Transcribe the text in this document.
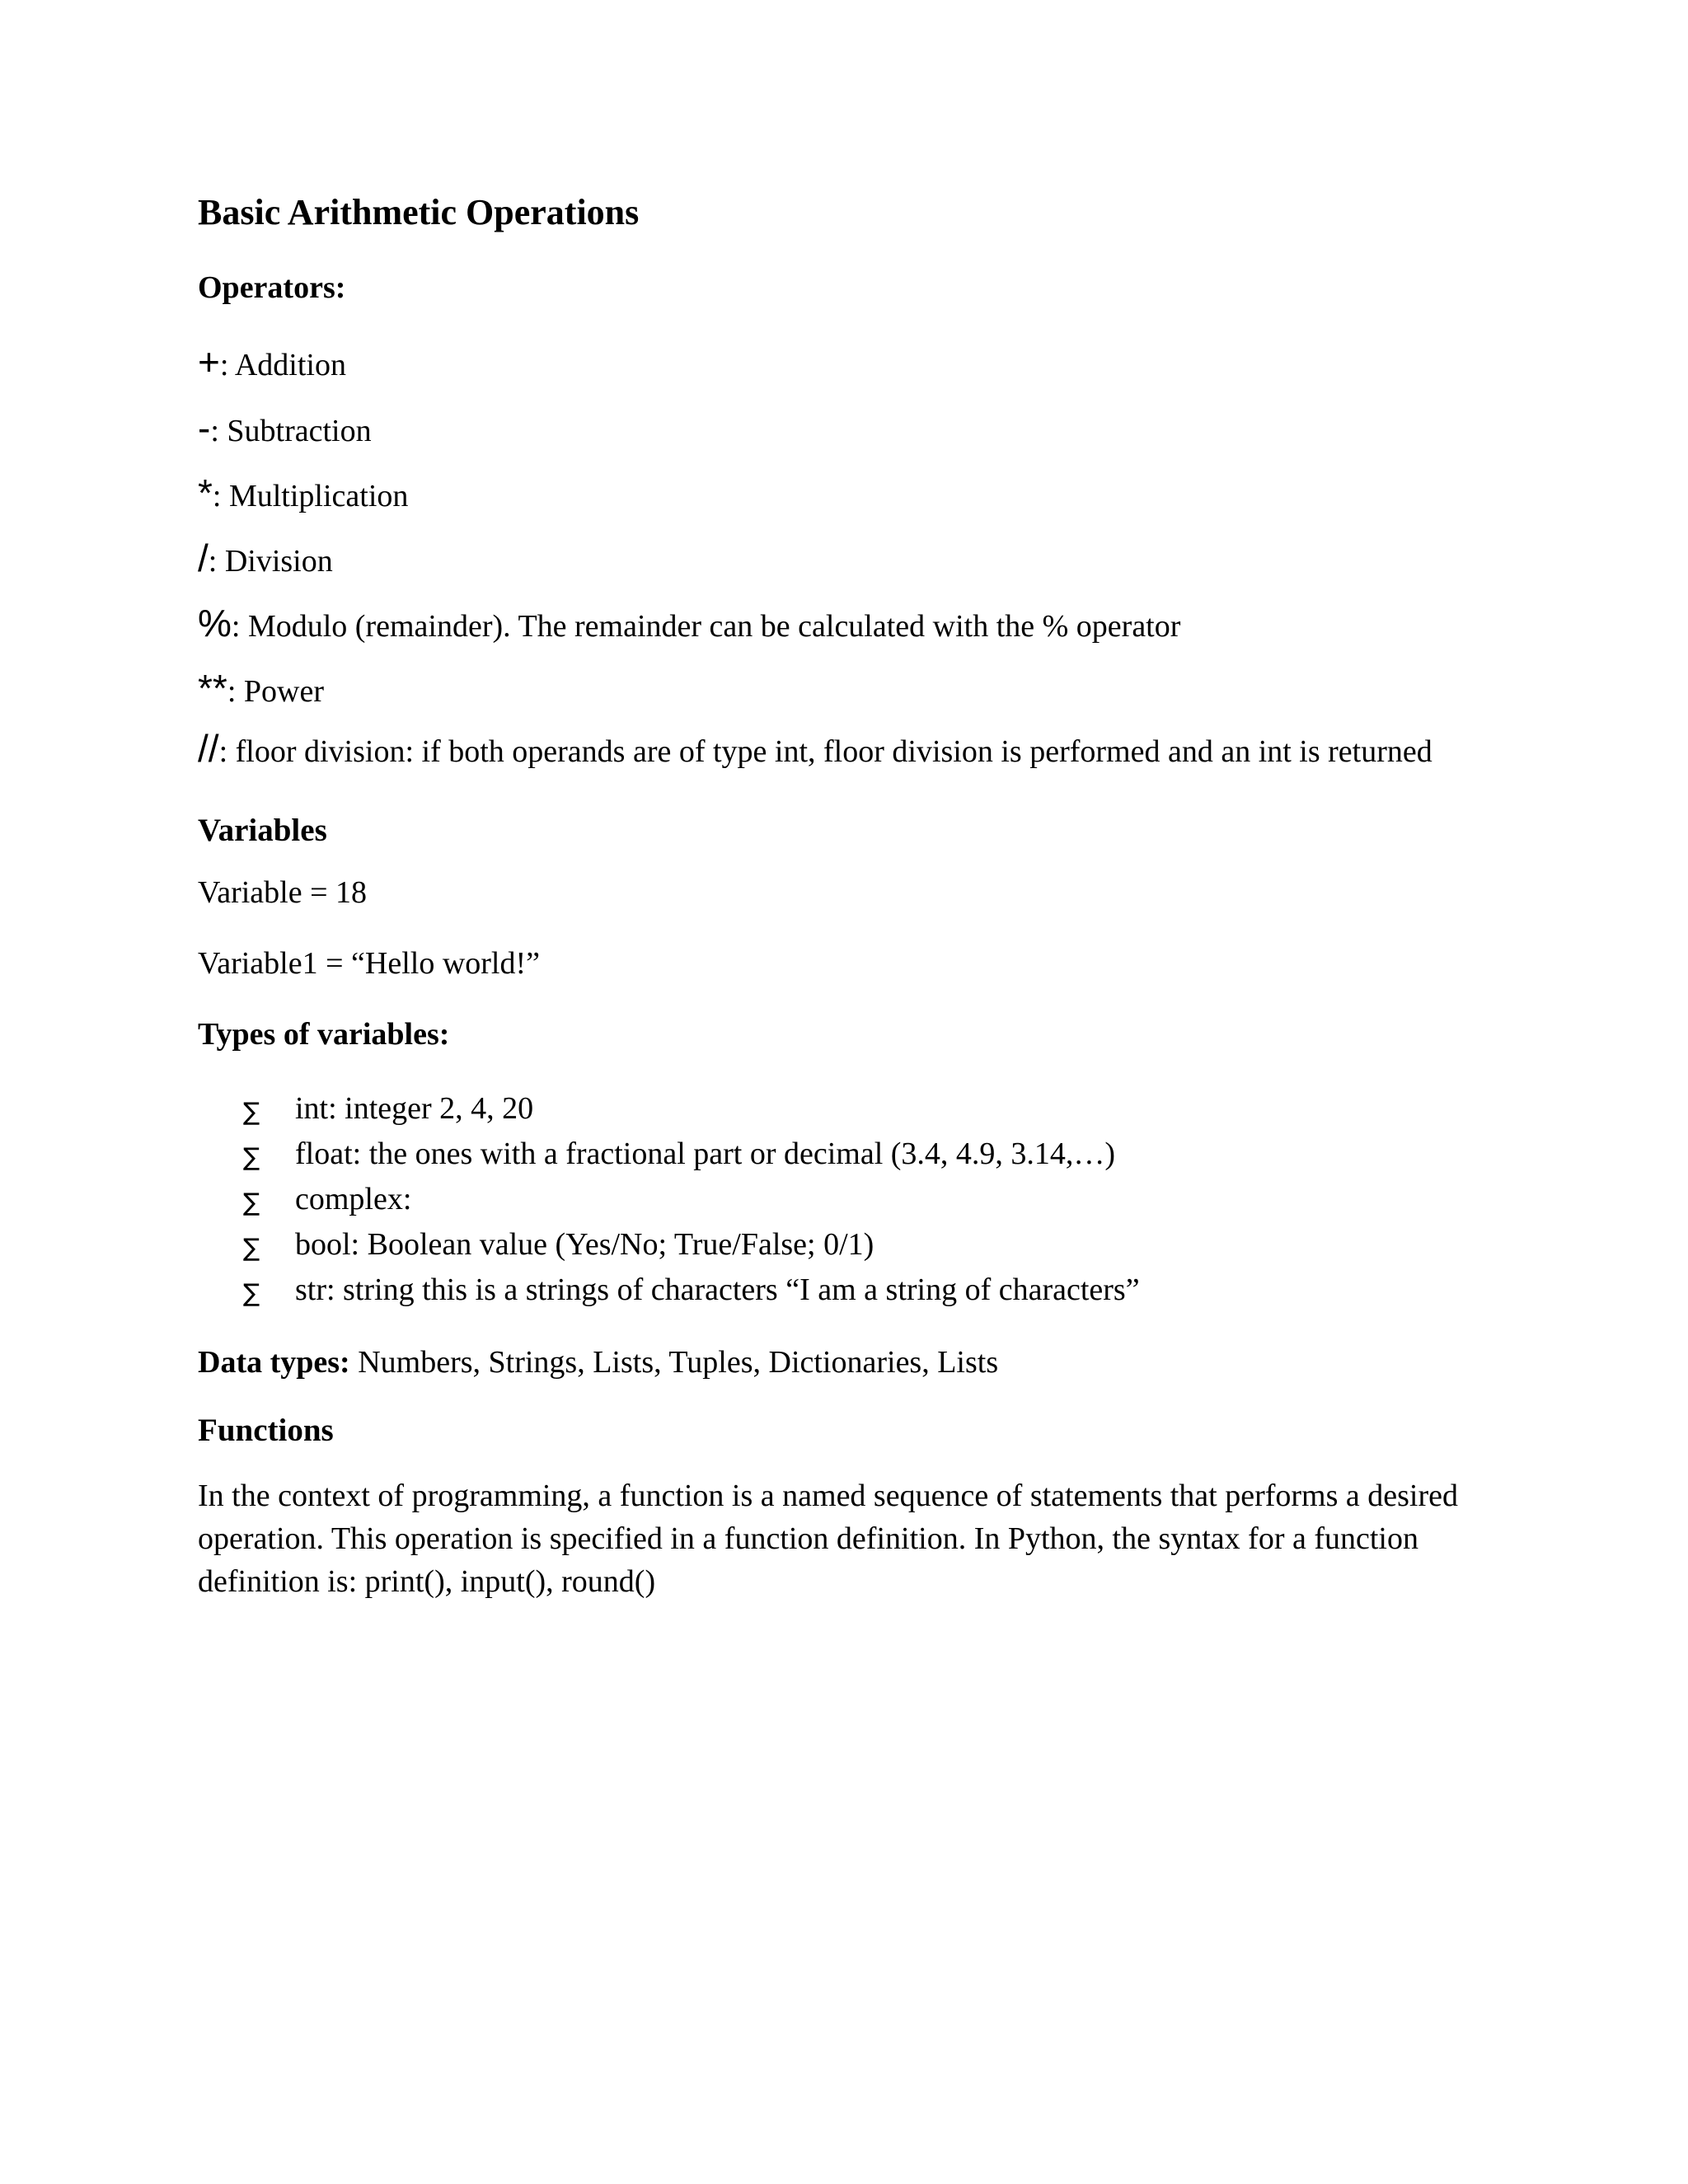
Basic Arithmetic Operations
Operators:
+: Addition
-: Subtraction
*: Multiplication
/: Division
%: Modulo (remainder). The remainder can be calculated with the % operator
**: Power
//: floor division: if both operands are of type int, floor division is performed and an int is returned
Variables
Variable = 18
Variable1 = “Hello world!”
Types of variables:
∑ int: integer 2, 4, 20
∑ float: the ones with a fractional part or decimal (3.4, 4.9, 3.14,…)
∑ complex:
∑ bool: Boolean value (Yes/No; True/False; 0/1)
∑ str: string this is a strings of characters “I am a string of characters”
Data types: Numbers, Strings, Lists, Tuples, Dictionaries, Lists
Functions

In the context of programming, a function is a named sequence of statements that performs a desired operation. This operation is specified in a function definition. In Python, the syntax for a function definition is: print(), input(), round()
